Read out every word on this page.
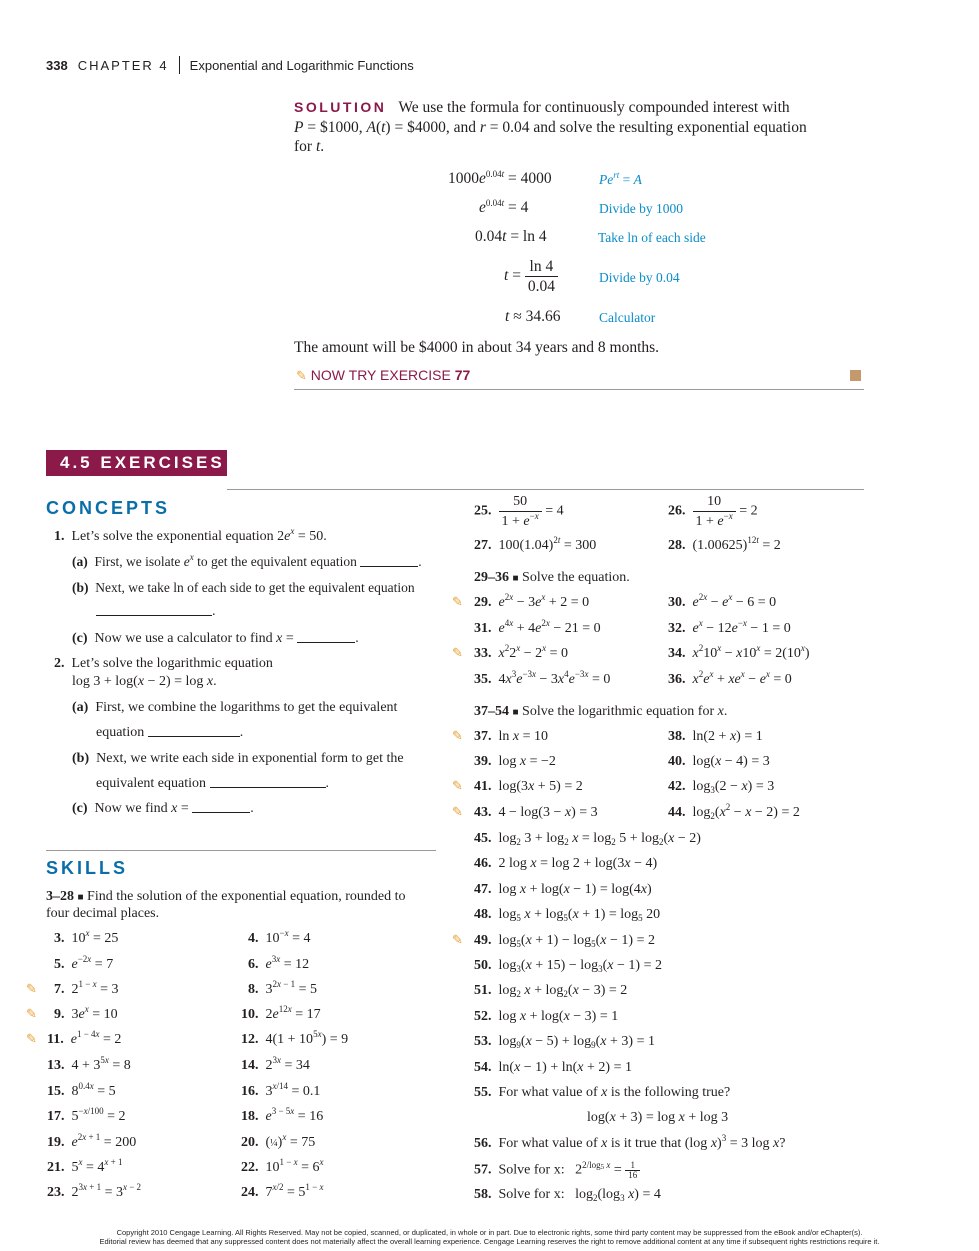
338 CHAPTER 4 Exponential and Logarithmic Functions
SOLUTION We use the formula for continuously compounded interest with
P = $1000, A(t) = $4000, and r = 0.04 and solve the resulting exponential equation
for t.
$1000e^{0.04t} = 4000$	$Pe^{rt} = A$
$e^{0.04t} = 4$	Divide by 1000
0.04t = ln 4	Take ln of each side
$t = \frac{\ln 4}{0.04}$	Divide by 0.04
t ≈ 34.66	Calculator
The amount will be $4000 in about 34 years and 8 months.
✎ NOW TRY EXERCISE 77
4.5 EXERCISES
CONCEPTS
1.  Let’s solve the exponential equation $2e^x = 50$.
(a)  First, we isolate $e^x$ to get the equivalent equation	.
(b) Next, we take ln of each side to get the equivalent equation
.
(c)  Now we use a calculator to find x =	.
2. Let’s solve the logarithmic equation
log 3 + log(x − 2) = log x.
(a) First, we combine the logarithms to get the equivalent
equation	.
(b) Next, we write each side in exponential form to get the
equivalent equation	.
(c)  Now we find x =	.
SKILLS
3–28 ■ Find the solution of the exponential equation, rounded to
four decimal places.
3.  $10^x = 25$	4.  $10^{-x} = 4$
5. $e^{-2x} = 7$	6. $e^{3x} = 12$
✎ 7.  $2^{1 - x} = 3$	8.  $3^{2x - 1} = 5$
✎ 9.  $3e^x = 10$	10.  $2e^{12x} = 17$
✎ 11. $e^{1 - 4x} = 2$	12.  $4(1 + 10^{5x}) = 9$
13.  $4 + 3^{5x} = 8$	14.  $2^{3x} = 34$
15.  $8^{0.4x} = 5$	16.  $3^{x/14} = 0.1$
17.  $5^{-x/100} = 2$	18. $e^{3 - 5x} = 16$
19. $e^{2x + 1} = 200$	20.  (¼)$^x$ = 75
21.  $5^x = 4^{x + 1}$	22.  $10^{1 - x} = 6^x$
23.  $2^{3x + 1} = 3^{x - 2}$	24.  $7^{x/2} = 5^{1 - x}$
25. $\frac{50}{1 + e^{-x}} = 4$	26. $\frac{10}{1 + e^{-x}} = 2$
27.  $100(1.04)^{2t} = 300$	28.  $(1.00625)^{12t} = 2$
29–36 ■ Solve the equation.
✎ 29. $e^{2x} - 3e^x + 2 = 0$	30. $e^{2x} - e^x - 6 = 0$
31. $e^{4x} + 4e^{2x} - 21 = 0$	32. $e^x - 12e^{-x} - 1 = 0$
✎ 33. $x^22^x - 2^x = 0$	34. $x^210^x - x10^x = 2(10^x)$
35.  $4x^3e^{-3x} - 3x^4e^{-3x} = 0$	36. $x^2e^x + xe^x - e^x = 0$
37–54 ■ Solve the logarithmic equation for x.
✎ 37.  ln x = 10	38.  ln(2 + x) = 1
39.  log x = −2	40.  log(x − 4) = 3
✎ 41.  log(3x + 5) = 2	42.  $\log_3(2 - x) = 3$
✎ 43.  4 − log(3 − x) = 3	44.  $\log_2(x^2 - x - 2) = 2$
45.  $\log_2 3 + \log_2 x = \log_2 5 + \log_2(x - 2)$
46.  2 log x = log 2 + log(3x − 4)
47.  log x + log(x − 1) = log(4x)
48.  $\log_5 x + \log_5(x + 1) = \log_5 20$
✎ 49.  $\log_5(x + 1) - \log_5(x - 1) = 2$
50.  $\log_3(x + 15) - \log_3(x - 1) = 2$
51.  $\log_2 x + \log_2(x - 3) = 2$
52.  log x + log(x − 3) = 1
53.  $\log_9(x - 5) + \log_9(x + 3) = 1$
54.  ln(x − 1) + ln(x + 2) = 1
55.  For what value of x is the following true?
log(x + 3) = log x + log 3
56.  For what value of x is it true that (log x)$^3$ = 3 log x?
57. Solve for x:   $2^{2/log_5 x} = \frac{1}{16}$
58. Solve for x:   $\log_2(\log_3$ x) = 4
Copyright 2010 Cengage Learning. All Rights Reserved. May not be copied, scanned, or duplicated, in whole or in part. Due to electronic rights, some third party content may be suppressed from the eBook and/or eChapter(s).
Editorial review has deemed that any suppressed content does not materially affect the overall learning experience. Cengage Learning reserves the right to remove additional content at any time if subsequent rights restrictions require it.
